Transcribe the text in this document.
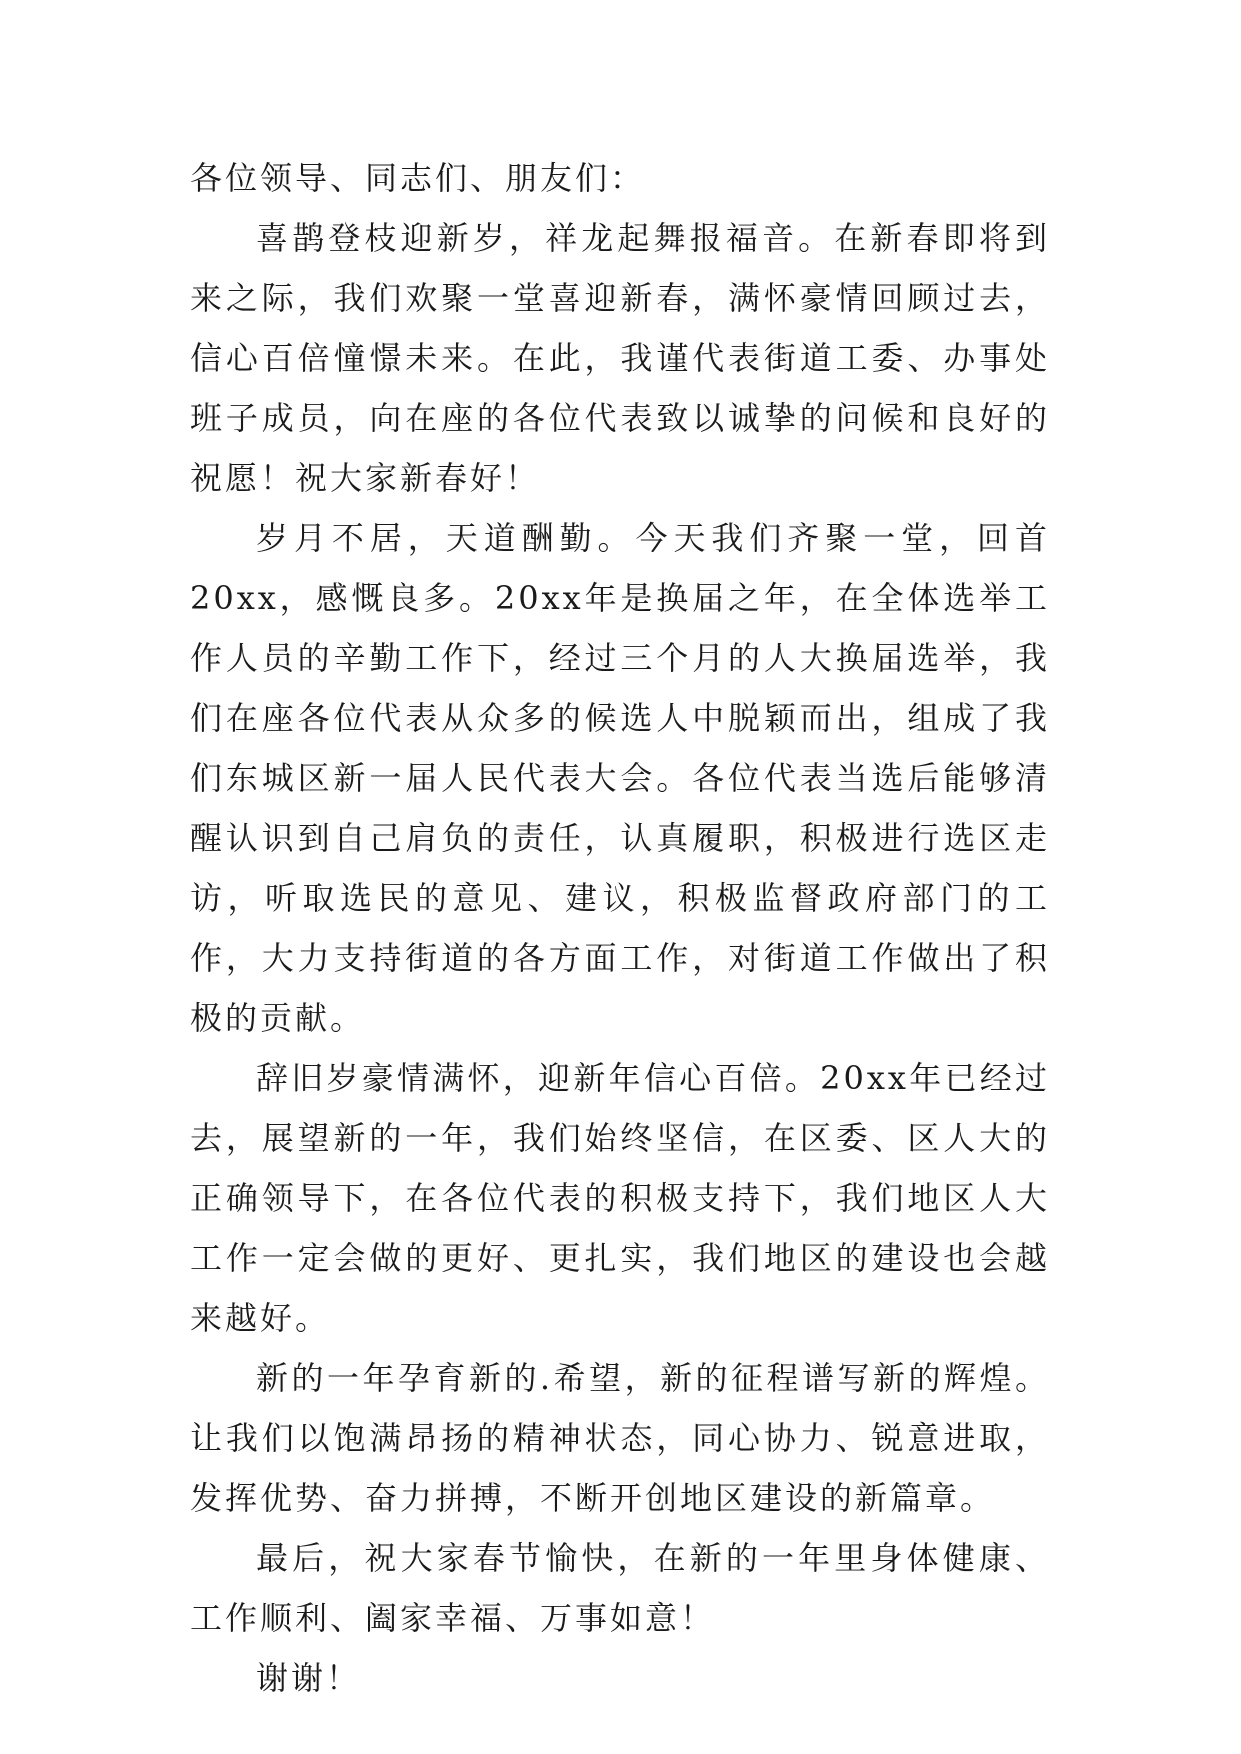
各位领导、同志们、朋友们：

喜鹊登枝迎新岁，祥龙起舞报福音。在新春即将到来之际，我们欢聚一堂喜迎新春，满怀豪情回顾过去，信心百倍憧憬未来。在此，我谨代表街道工委、办事处班子成员，向在座的各位代表致以诚挚的问候和良好的祝愿！祝大家新春好！

岁月不居，天道酬勤。今天我们齐聚一堂，回首20xx，感慨良多。20xx年是换届之年，在全体选举工作人员的辛勤工作下，经过三个月的人大换届选举，我们在座各位代表从众多的候选人中脱颖而出，组成了我们东城区新一届人民代表大会。各位代表当选后能够清醒认识到自己肩负的责任，认真履职，积极进行选区走访，听取选民的意见、建议，积极监督政府部门的工作，大力支持街道的各方面工作，对街道工作做出了积极的贡献。

辞旧岁豪情满怀，迎新年信心百倍。20xx年已经过去，展望新的一年，我们始终坚信，在区委、区人大的正确领导下，在各位代表的积极支持下，我们地区人大工作一定会做的更好、更扎实，我们地区的建设也会越来越好。

新的一年孕育新的.希望，新的征程谱写新的辉煌。让我们以饱满昂扬的精神状态，同心协力、锐意进取，发挥优势、奋力拼搏，不断开创地区建设的新篇章。

最后，祝大家春节愉快，在新的一年里身体健康、工作顺利、阖家幸福、万事如意！

谢谢！
